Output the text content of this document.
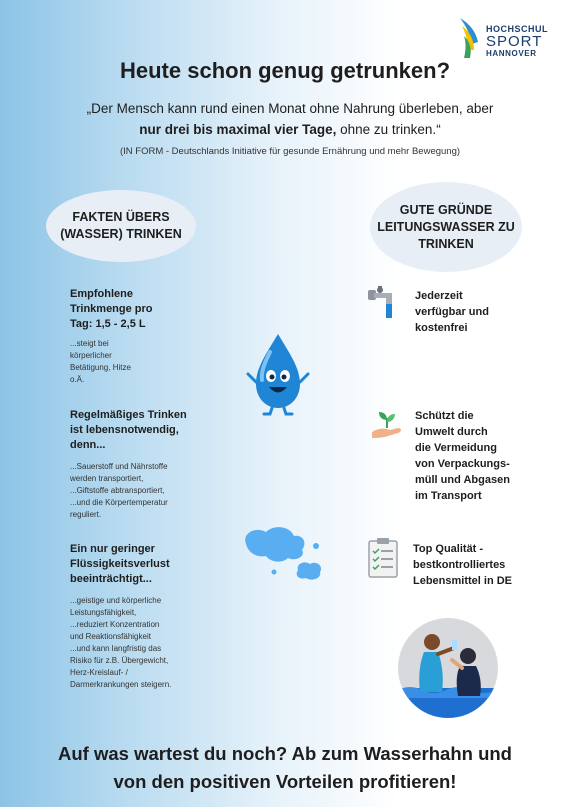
HOCHSCHUL
SPORT
HANNOVER
Heute schon genug getrunken?
„Der Mensch kann rund einen Monat ohne Nahrung überleben, aber
nur drei bis maximal vier Tage, ohne zu trinken.“
(IN FORM - Deutschlands Initiative für gesunde Ernährung und mehr Bewegung)
FAKTEN ÜBERS
(WASSER) TRINKEN
GUTE GRÜNDE
LEITUNGSWASSER ZU
TRINKEN
Empfohlene
Trinkmenge pro
Tag: 1,5 - 2,5 L
...steigt bei
körperlicher
Betätigung, Hitze
o.Ä.
Regelmäßiges Trinken
ist lebensnotwendig,
denn...
...Sauerstoff und Nährstoffe
werden transportiert,
...Giftstoffe abtransportiert,
...und die Körpertemperatur
reguliert.
Ein nur geringer
Flüssigkeitsverlust
beeinträchtigt...
...geistige und körperliche
Leistungsfähigkeit,
...reduziert Konzentration
und Reaktionsfähigkeit
...und kann langfristig das
Risiko für z.B. Übergewicht,
Herz-Kreislauf- /
Darmerkrankungen steigern.
Jederzeit
verfügbar und
kostenfrei
Schützt die
Umwelt durch
die Vermeidung
von Verpackungs-
müll und Abgasen
im Transport
Top Qualität -
bestkontrolliertes
Lebensmittel in DE
Auf was wartest du noch? Ab zum Wasserhahn und
von den positiven Vorteilen profitieren!
